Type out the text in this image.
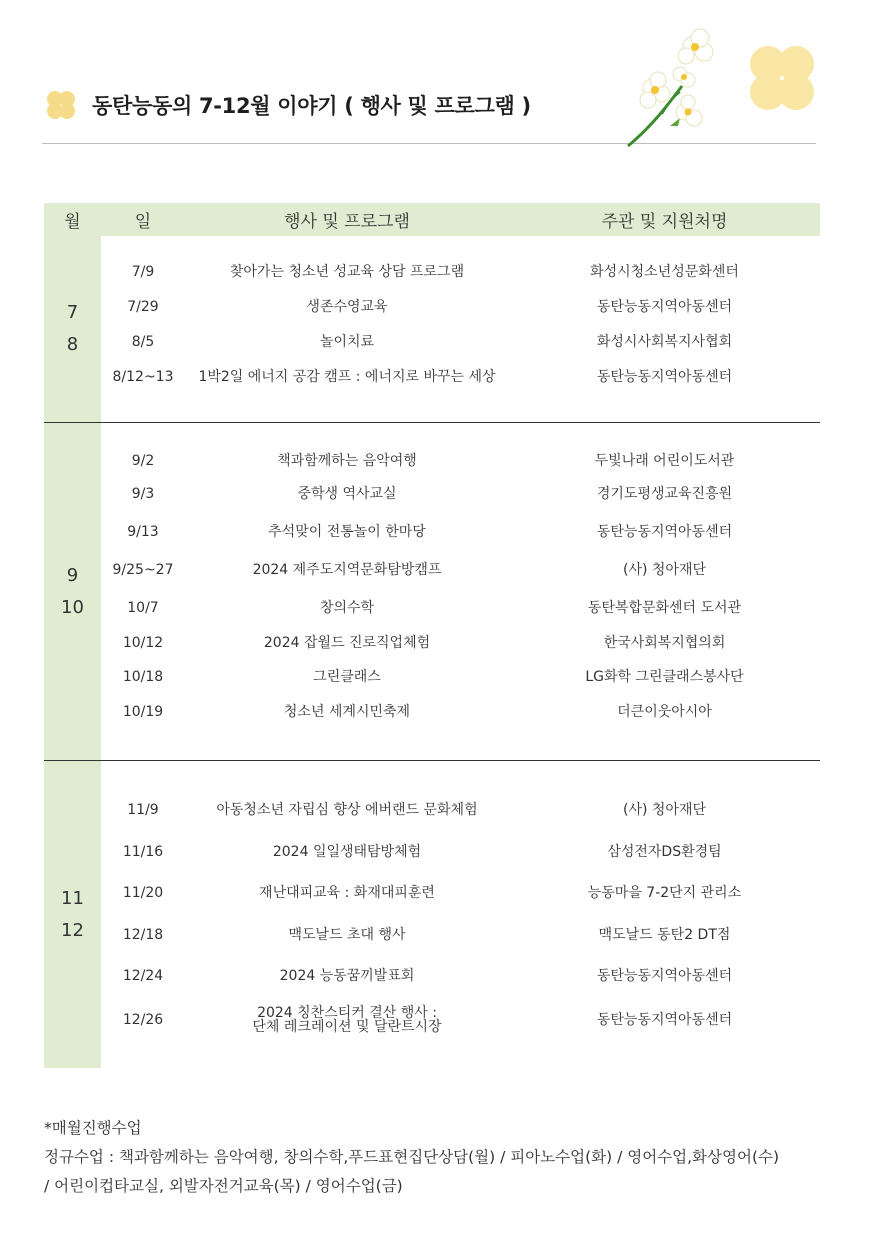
동탄능동의 7-12월 이야기 ( 행사 및 프로그램 )
월	일	행사 및 프로그램	주관 및 지원처명
7
8
7/9	찾아가는 청소년 성교육 상담 프로그램	화성시청소년성문화센터
7/29	생존수영교육	동탄능동지역아동센터
8/5	놀이치료	화성시사회복지사협회
8/12~13	1박2일 에너지 공감 캠프 : 에너지로 바꾸는 세상	동탄능동지역아동센터
9
10
9/2	책과함께하는 음악여행	두빛나래 어린이도서관
9/3	중학생 역사교실	경기도평생교육진흥원
9/13	추석맞이 전통놀이 한마당	동탄능동지역아동센터
9/25~27	2024 제주도지역문화탐방캠프	(사) 청아재단
10/7	창의수학	동탄복합문화센터 도서관
10/12	2024 잡월드 진로직업체험	한국사회복지협의회
10/18	그린클래스	LG화학 그린클래스봉사단
10/19	청소년 세계시민축제	더큰이웃아시아
11
12
11/9	아동청소년 자립심 향상 에버랜드 문화체험	(사) 청아재단
11/16	2024 일일생태탐방체험	삼성전자DS환경팀
11/20	재난대피교육 : 화재대피훈련	능동마을 7-2단지 관리소
12/18	맥도날드 초대 행사	맥도날드 동탄2 DT점
12/24	2024 능동꿈끼발표회	동탄능동지역아동센터
12/26	2024 칭찬스티커 결산 행사 :
단체 레크레이션 및 달란트시장	동탄능동지역아동센터
*매월진행수업
정규수업 : 책과함께하는 음악여행, 창의수학,푸드표현집단상담(월) / 피아노수업(화) / 영어수업,화상영어(수)
/ 어린이컵타교실, 외발자전거교육(목) / 영어수업(금)
